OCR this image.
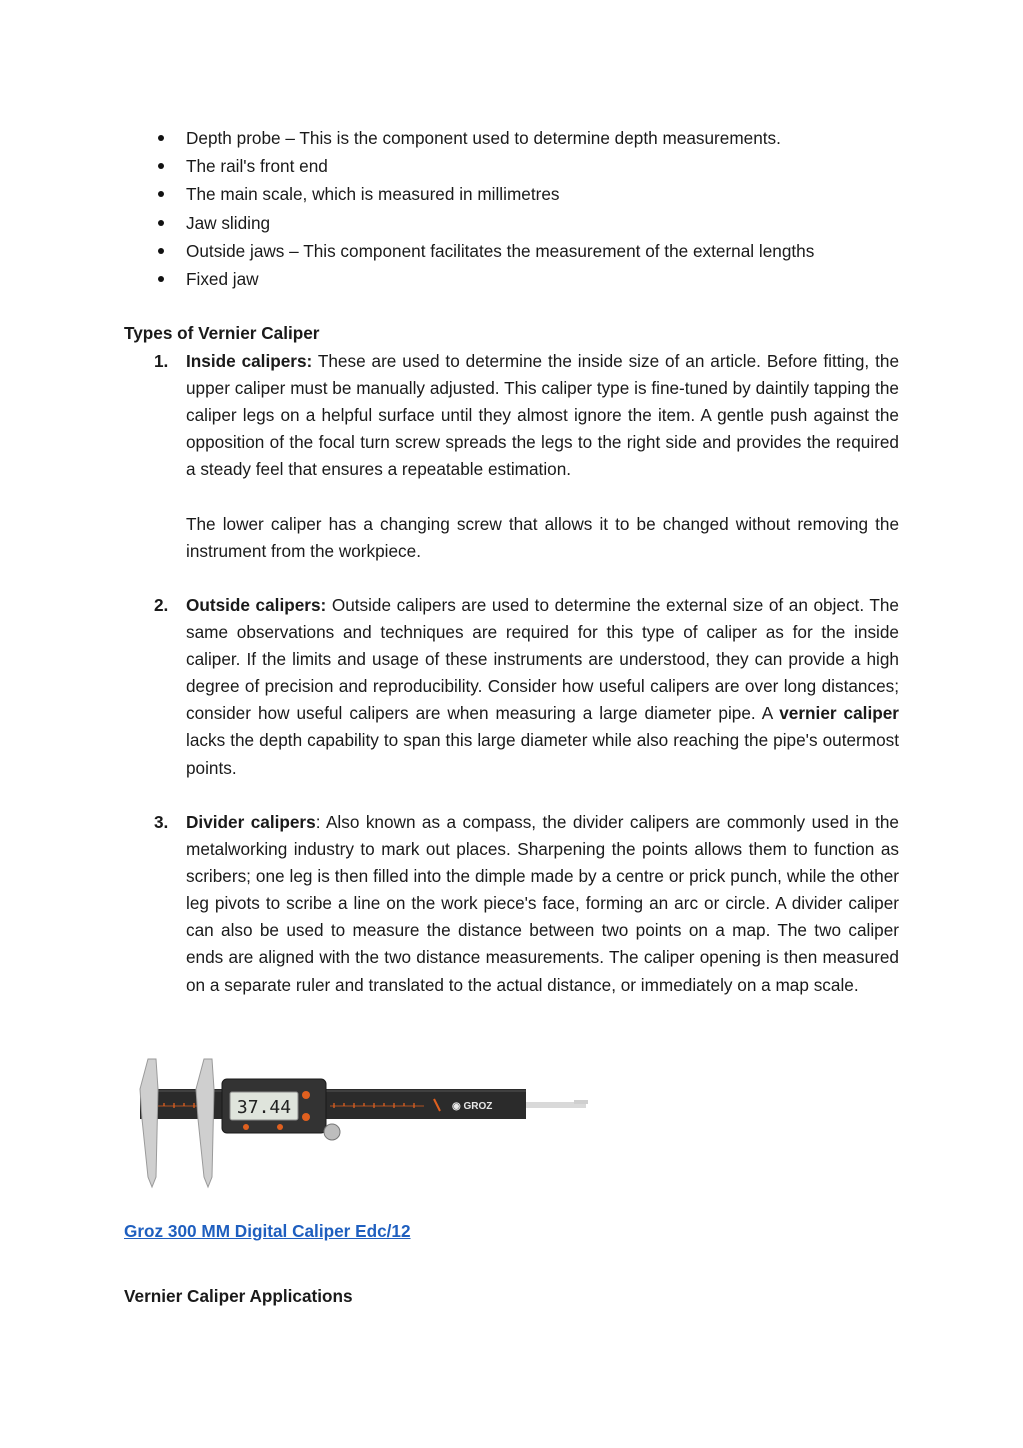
Depth probe – This is the component used to determine depth measurements.
The rail's front end
The main scale, which is measured in millimetres
Jaw sliding
Outside jaws – This component facilitates the measurement of the external lengths
Fixed jaw
Types of Vernier Caliper
1. Inside calipers: These are used to determine the inside size of an article. Before fitting, the upper caliper must be manually adjusted. This caliper type is fine-tuned by daintily tapping the caliper legs on a helpful surface until they almost ignore the item. A gentle push against the opposition of the focal turn screw spreads the legs to the right side and provides the required a steady feel that ensures a repeatable estimation.

The lower caliper has a changing screw that allows it to be changed without removing the instrument from the workpiece.

2. Outside calipers: Outside calipers are used to determine the external size of an object. The same observations and techniques are required for this type of caliper as for the inside caliper. If the limits and usage of these instruments are understood, they can provide a high degree of precision and reproducibility. Consider how useful calipers are over long distances; consider how useful calipers are when measuring a large diameter pipe. A vernier caliper lacks the depth capability to span this large diameter while also reaching the pipe's outermost points.

3. Divider calipers: Also known as a compass, the divider calipers are commonly used in the metalworking industry to mark out places. Sharpening the points allows them to function as scribers; one leg is then filled into the dimple made by a centre or prick punch, while the other leg pivots to scribe a line on the work piece's face, forming an arc or circle. A divider caliper can also be used to measure the distance between two points on a map. The two caliper ends are aligned with the two distance measurements. The caliper opening is then measured on a separate ruler and translated to the actual distance, or immediately on a map scale.

◉ GROZ
37.44
Groz 300 MM Digital Caliper Edc/12
Vernier Caliper Applications
